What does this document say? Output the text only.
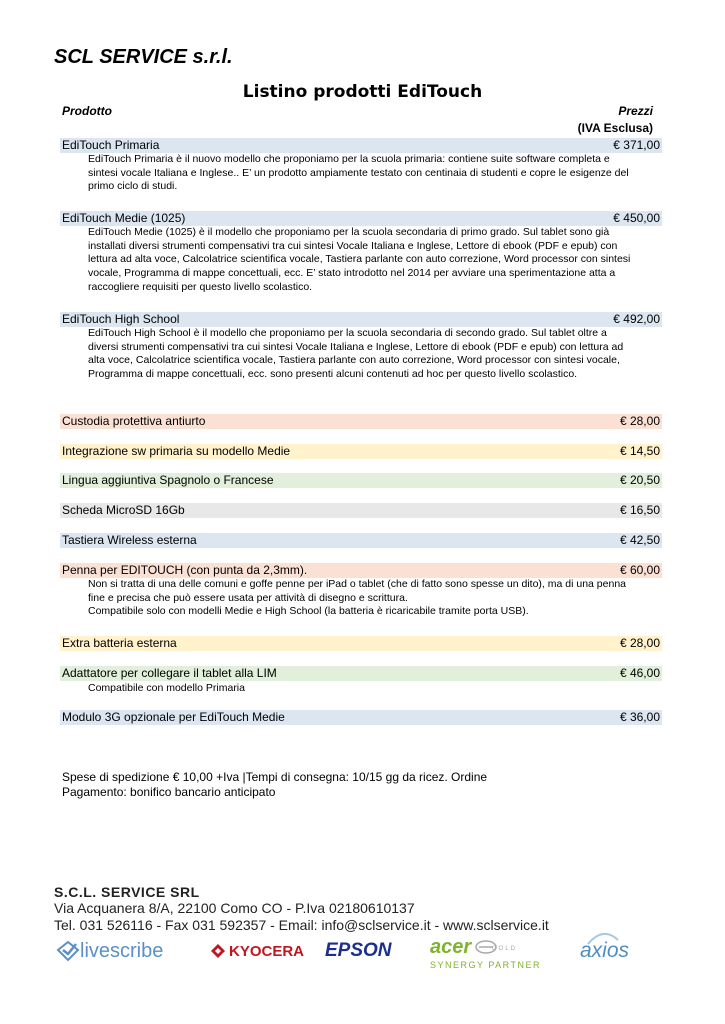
SCL SERVICE s.r.l.
Listino prodotti EdiTouch
Prodotto	Prezzi
(IVA Esclusa)
EdiTouch Primaria	€ 371,00
EdiTouch Primaria è il nuovo modello che proponiamo per la scuola primaria: contiene suite software completa e
sintesi vocale Italiana e Inglese.. E’ un prodotto ampiamente testato con centinaia di studenti e copre le esigenze del
primo ciclo di studi.
EdiTouch Medie (1025)	€ 450,00
EdiTouch Medie (1025) è il modello che proponiamo per la scuola secondaria di primo grado. Sul tablet sono già
installati diversi strumenti compensativi tra cui sintesi Vocale Italiana e Inglese, Lettore di ebook (PDF e epub) con
lettura ad alta voce, Calcolatrice scientifica vocale, Tastiera parlante con auto correzione, Word processor con sintesi
vocale, Programma di mappe concettuali, ecc. E’ stato introdotto nel 2014 per avviare una sperimentazione atta a
raccogliere requisiti per questo livello scolastico.
EdiTouch High School	€ 492,00
EdiTouch High School è il modello che proponiamo per la scuola secondaria di secondo grado. Sul tablet oltre a
diversi strumenti compensativi tra cui sintesi Vocale Italiana e Inglese, Lettore di ebook (PDF e epub) con lettura ad
alta voce, Calcolatrice scientifica vocale, Tastiera parlante con auto correzione, Word processor con sintesi vocale,
Programma di mappe concettuali, ecc. sono presenti alcuni contenuti ad hoc per questo livello scolastico.
Custodia protettiva antiurto	€ 28,00
Integrazione sw primaria su modello Medie	€ 14,50
Lingua aggiuntiva Spagnolo o Francese	€ 20,50
Scheda MicroSD 16Gb	€ 16,50
Tastiera Wireless esterna	€ 42,50
Penna per EDITOUCH (con punta da 2,3mm).	€ 60,00
Non si tratta di una delle comuni e goffe penne per iPad o tablet (che di fatto sono spesse un dito), ma di una penna
fine e precisa che può essere usata per attività di disegno e scrittura.
Compatibile solo con modelli Medie e High School (la batteria è ricaricabile tramite porta USB).
Extra batteria esterna	€ 28,00
Adattatore per collegare il tablet alla LIM	€ 46,00
Compatibile con modello Primaria
Modulo 3G opzionale per EdiTouch Medie	€ 36,00
Spese di spedizione € 10,00 +Iva |Tempi di consegna: 10/15 gg da ricez. Ordine
Pagamento: bonifico bancario anticipato
S.C.L. SERVICE SRL
Via Acquanera 8/A, 22100 Como CO - P.Iva 02180610137
Tel. 031 526116 - Fax 031 592357 - Email: info@sclservice.it - www.sclservice.it
livescribe	KYOCERA EPSON acer	GOLD
SYNERGY PARTNER
axios
